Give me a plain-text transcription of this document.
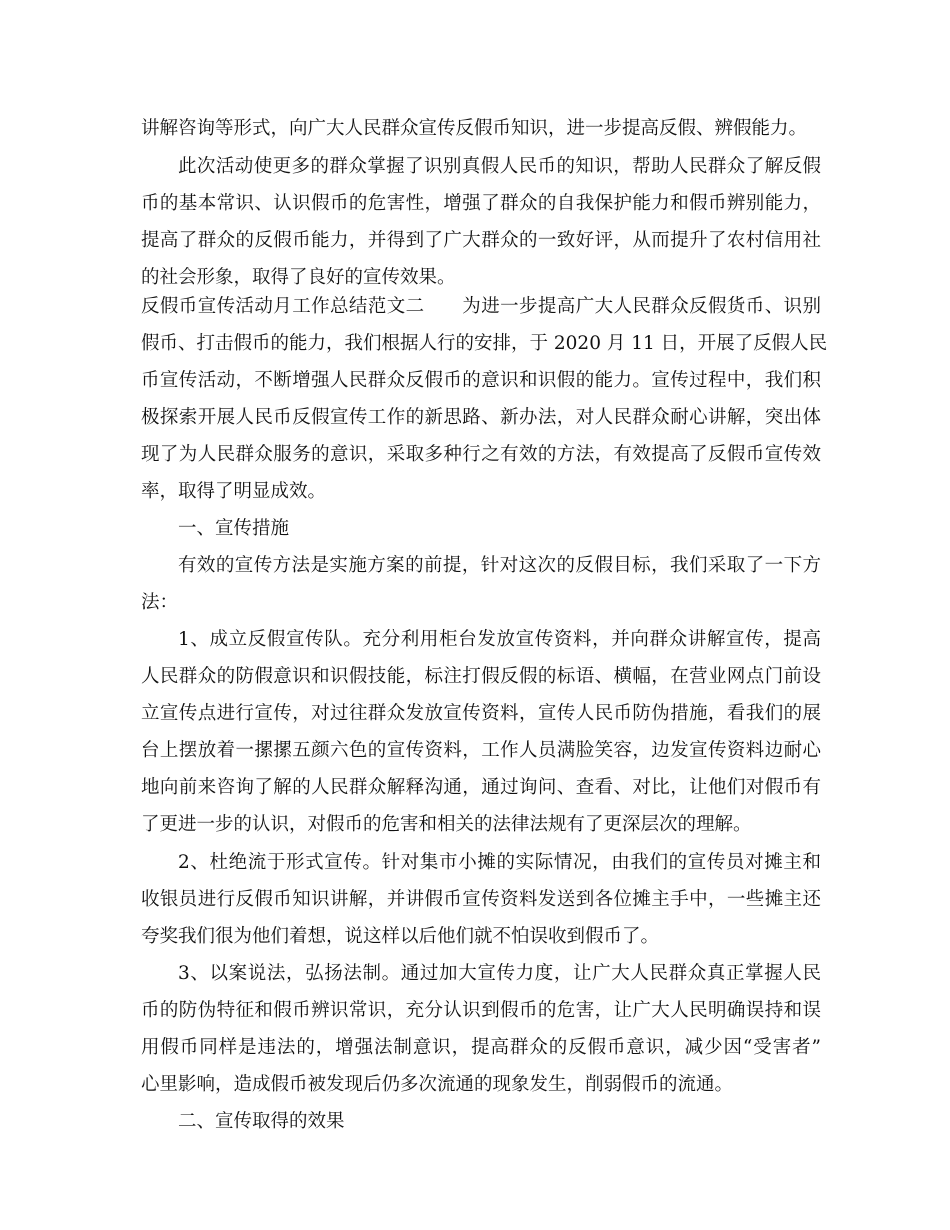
讲解咨询等形式，向广大人民群众宣传反假币知识，进一步提高反假、辨假能力。
此次活动使更多的群众掌握了识别真假人民币的知识，帮助人民群众了解反假
币的基本常识、认识假币的危害性，增强了群众的自我保护能力和假币辨别能力，
提高了群众的反假币能力，并得到了广大群众的一致好评，从而提升了农村信用社
的社会形象，取得了良好的宣传效果。
反假币宣传活动月工作总结范文二　　为进一步提高广大人民群众反假货币、识别
假币、打击假币的能力，我们根据人行的安排，于 2020 月 11 日，开展了反假人民
币宣传活动，不断增强人民群众反假币的意识和识假的能力。宣传过程中，我们积
极探索开展人民币反假宣传工作的新思路、新办法，对人民群众耐心讲解，突出体
现了为人民群众服务的意识，采取多种行之有效的方法，有效提高了反假币宣传效
率，取得了明显成效。
一、宣传措施
有效的宣传方法是实施方案的前提，针对这次的反假目标，我们采取了一下方
法：
1、成立反假宣传队。充分利用柜台发放宣传资料，并向群众讲解宣传，提高
人民群众的防假意识和识假技能，标注打假反假的标语、横幅，在营业网点门前设
立宣传点进行宣传，对过往群众发放宣传资料，宣传人民币防伪措施，看我们的展
台上摆放着一摞摞五颜六色的宣传资料，工作人员满脸笑容，边发宣传资料边耐心
地向前来咨询了解的人民群众解释沟通，通过询问、查看、对比，让他们对假币有
了更进一步的认识，对假币的危害和相关的法律法规有了更深层次的理解。
2、杜绝流于形式宣传。针对集市小摊的实际情况，由我们的宣传员对摊主和
收银员进行反假币知识讲解，并讲假币宣传资料发送到各位摊主手中，一些摊主还
夸奖我们很为他们着想，说这样以后他们就不怕误收到假币了。
3、以案说法，弘扬法制。通过加大宣传力度，让广大人民群众真正掌握人民
币的防伪特征和假币辨识常识，充分认识到假币的危害，让广大人民明确误持和误
用假币同样是违法的，增强法制意识，提高群众的反假币意识，减少因“受害者”
心里影响，造成假币被发现后仍多次流通的现象发生，削弱假币的流通。
二、宣传取得的效果
